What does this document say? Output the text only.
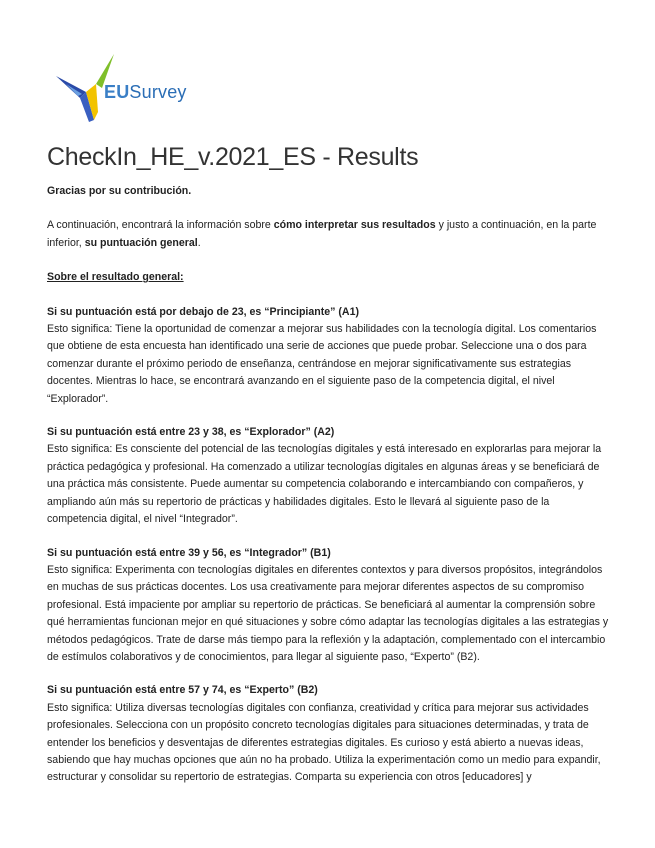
EUSurvey
CheckIn_HE_v.2021_ES - Results

Gracias por su contribución.

A continuación, encontrará la información sobre cómo interpretar sus resultados y justo a continuación, en la parte inferior, su puntuación general.

Sobre el resultado general:

Si su puntuación está por debajo de 23, es “Principiante” (A1)

Esto significa: Tiene la oportunidad de comenzar a mejorar sus habilidades con la tecnología digital. Los comentarios que obtiene de esta encuesta han identificado una serie de acciones que puede probar. Seleccione una o dos para comenzar durante el próximo periodo de enseñanza, centrándose en mejorar significativamente sus estrategias docentes. Mientras lo hace, se encontrará avanzando en el siguiente paso de la competencia digital, el nivel “Explorador”.

Si su puntuación está entre 23 y 38, es “Explorador” (A2)

Esto significa: Es consciente del potencial de las tecnologías digitales y está interesado en explorarlas para mejorar la práctica pedagógica y profesional. Ha comenzado a utilizar tecnologías digitales en algunas áreas y se beneficiará de una práctica más consistente. Puede aumentar su competencia colaborando e intercambiando con compañeros, y ampliando aún más su repertorio de prácticas y habilidades digitales. Esto le llevará al siguiente paso de la competencia digital, el nivel “Integrador”.

Si su puntuación está entre 39 y 56, es “Integrador” (B1)

Esto significa: Experimenta con tecnologías digitales en diferentes contextos y para diversos propósitos, integrándolos en muchas de sus prácticas docentes. Los usa creativamente para mejorar diferentes aspectos de su compromiso profesional. Está impaciente por ampliar su repertorio de prácticas. Se beneficiará al aumentar la comprensión sobre qué herramientas funcionan mejor en qué situaciones y sobre cómo adaptar las tecnologías digitales a las estrategias y métodos pedagógicos. Trate de darse más tiempo para la reflexión y la adaptación, complementado con el intercambio de estímulos colaborativos y de conocimientos, para llegar al siguiente paso, “Experto” (B2).

Si su puntuación está entre 57 y 74, es “Experto” (B2)

Esto significa: Utiliza diversas tecnologías digitales con confianza, creatividad y crítica para mejorar sus actividades profesionales. Selecciona con un propósito concreto tecnologías digitales para situaciones determinadas, y trata de entender los beneficios y desventajas de diferentes estrategias digitales. Es curioso y está abierto a nuevas ideas, sabiendo que hay muchas opciones que aún no ha probado. Utiliza la experimentación como un medio para expandir, estructurar y consolidar su repertorio de estrategias. Comparta su experiencia con otros [educadores] y
